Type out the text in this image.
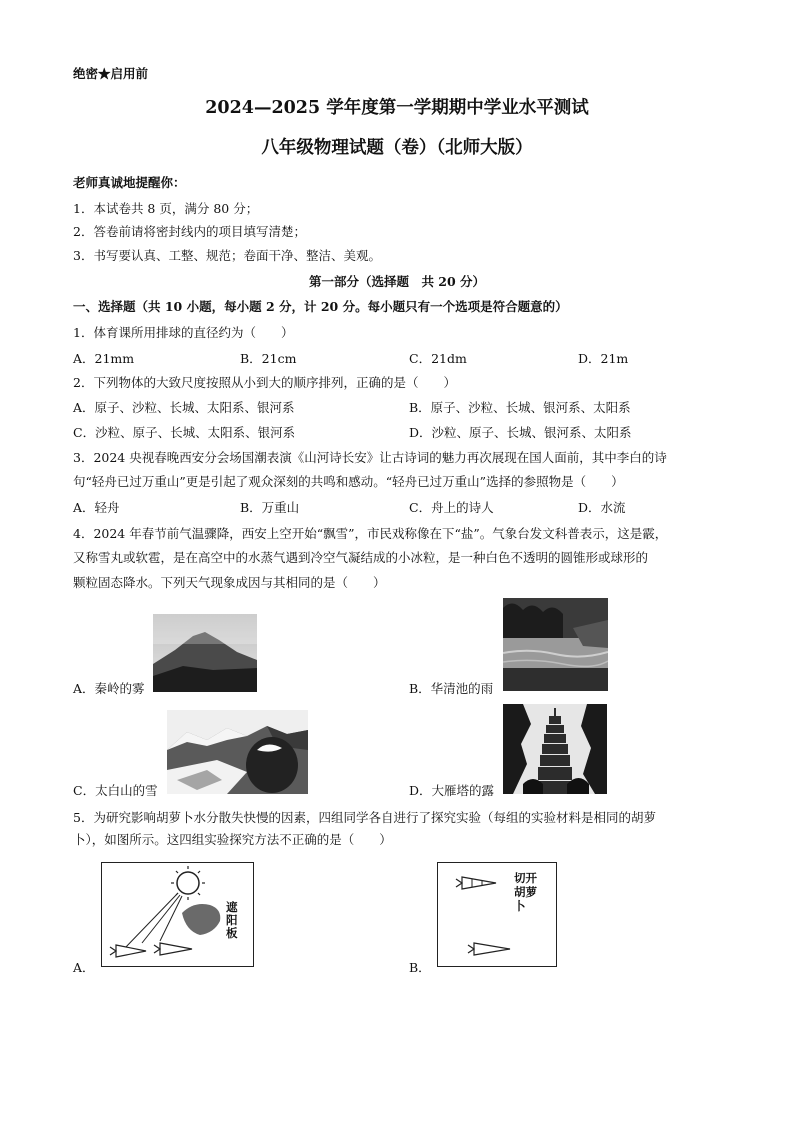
绝密★启用前
2024—2025 学年度第一学期期中学业水平测试
八年级物理试题（卷）（北师大版）
老师真诚地提醒你：
1．本试卷共 8 页，满分 80 分；
2．答卷前请将密封线内的项目填写清楚；
3．书写要认真、工整、规范；卷面干净、整洁、美观。
第一部分（选择题　共 20 分）
一、选择题（共 10 小题，每小题 2 分，计 20 分。每小题只有一个选项是符合题意的）
1．体育课所用排球的直径约为（　　）
A．21mm	B．21cm	C．21dm	D．21m
2．下列物体的大致尺度按照从小到大的顺序排列，正确的是（　　）
A．原子、沙粒、长城、太阳系、银河系	B．原子、沙粒、长城、银河系、太阳系
C．沙粒、原子、长城、太阳系、银河系	D．沙粒、原子、长城、银河系、太阳系
3．2024 央视春晚西安分会场国潮表演《山河诗长安》让古诗词的魅力再次展现在国人面前，其中李白的诗
句“轻舟已过万重山”更是引起了观众深刻的共鸣和感动。“轻舟已过万重山”选择的参照物是（　　）
A．轻舟	B．万重山	C．舟上的诗人	D．水流
4．2024 年春节前气温骤降，西安上空开始“飘雪”，市民戏称像在下“盐”。气象台发文科普表示，这是霰，
又称雪丸或软雹，是在高空中的水蒸气遇到冷空气凝结成的小冰粒，是一种白色不透明的圆锥形或球形的
颗粒固态降水。下列天气现象成因与其相同的是（　　）
A．秦岭的雾	B．华清池的雨
C．太白山的雪	D．大雁塔的露
5．为研究影响胡萝卜水分散失快慢的因素，四组同学各自进行了探究实验（每组的实验材料是相同的胡萝
卜），如图所示。这四组实验探究方法不正确的是（　　）
A．
遮
阳
板
B．
切开
胡萝
卜
